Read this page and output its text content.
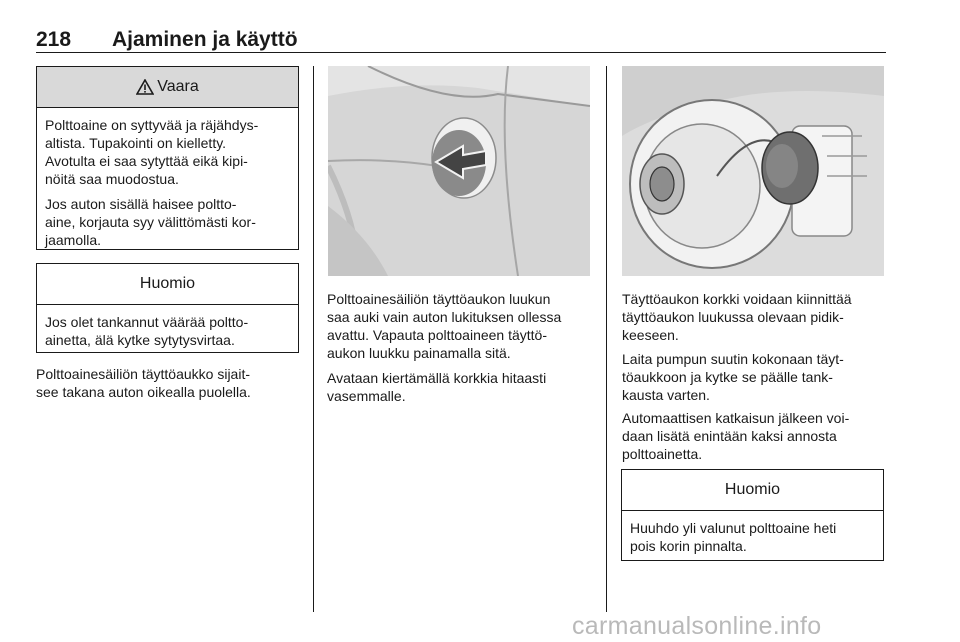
218 Ajaminen ja käyttö
Vaara

Polttoaine on syttyvää ja räjähdys-
altista. Tupakointi on kielletty.
Avotulta ei saa sytyttää eikä kipi-
nöitä saa muodostua.

Jos auton sisällä haisee poltto-
aine, korjauta syy välittömästi kor-
jaamolla.

Huomio

Jos olet tankannut väärää poltto-
ainetta, älä kytke sytytysvirtaa.

Polttoainesäiliön täyttöaukko sijait-
see takana auton oikealla puolella.

Polttoainesäiliön täyttöaukon luukun
saa auki vain auton lukituksen ollessa
avattu. Vapauta polttoaineen täyttö-
aukon luukku painamalla sitä.

Avataan kiertämällä korkkia hitaasti
vasemmalle.

Täyttöaukon korkki voidaan kiinnittää
täyttöaukon luukussa olevaan pidik-
keeseen.

Laita pumpun suutin kokonaan täyt-
töaukkoon ja kytke se päälle tank-
kausta varten.

Automaattisen katkaisun jälkeen voi-
daan lisätä enintään kaksi annosta
polttoainetta.

Huomio

Huuhdo yli valunut polttoaine heti
pois korin pinnalta.

carmanualsonline.info
